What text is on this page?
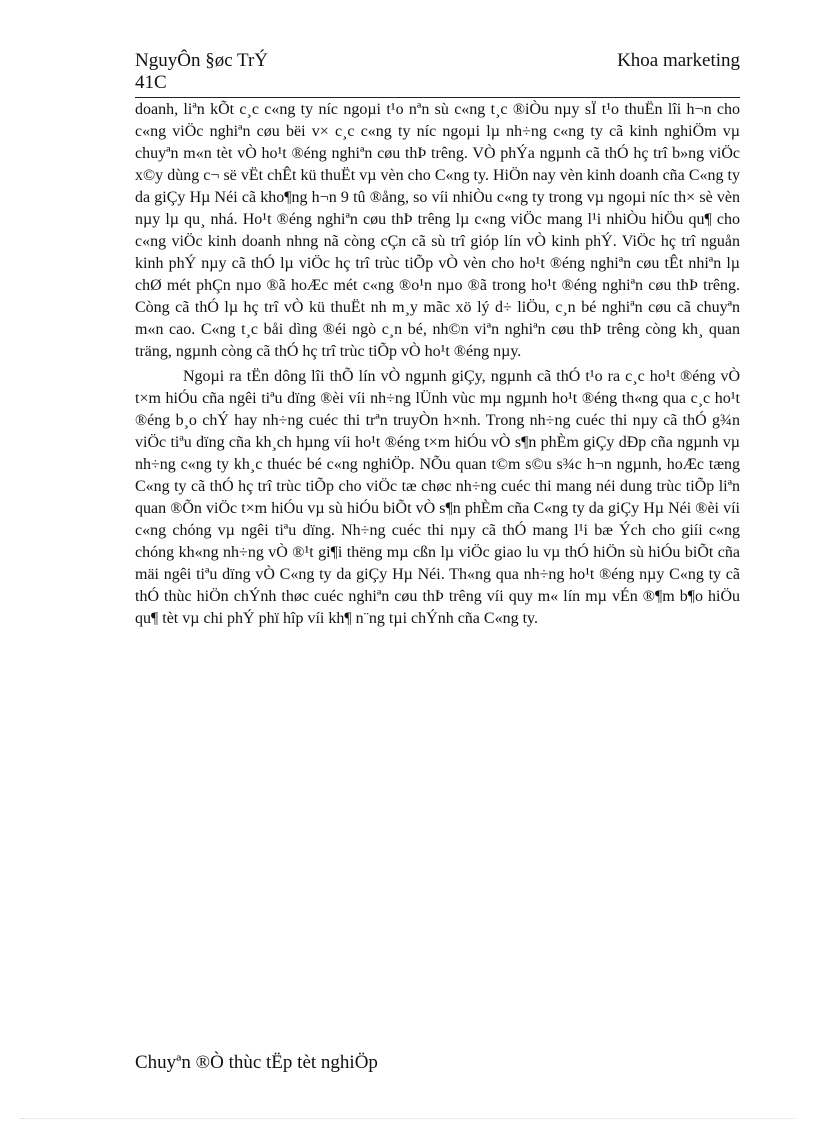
NguyÔn §øc TrÝ	Khoa marketing
41C

doanh, liªn kÕt c¸c c«ng ty níc ngoµi t¹o nªn sù c«ng t¸c ®iÒu nµy sÏ t¹o thuËn lîi h¬n cho c«ng viÖc nghiªn cøu bëi v× c¸c c«ng ty níc ngoµi lµ nh÷ng c«ng ty cã kinh nghiÖm vµ chuyªn m«n tèt vÒ ho¹t ®éng nghiªn cøu thÞ trêng. VÒ phÝa ngµnh cã thÓ hç trî b»ng viÖc x©y dùng c¬ së vËt chÊt kü thuËt vµ vèn cho C«ng ty. HiÖn nay vèn kinh doanh cña C«ng ty da giÇy Hµ Néi cã kho¶ng h¬n 9 tû ®ång, so víi nhiÒu c«ng ty trong vµ ngoµi níc th× sè vèn nµy lµ qu¸ nhá. Ho¹t ®éng nghiªn cøu thÞ trêng lµ c«ng viÖc mang l¹i nhiÒu hiÖu qu¶ cho c«ng viÖc kinh doanh nhng nã còng cÇn cã sù trî gióp lín vÒ kinh phÝ. ViÖc hç trî nguån kinh phÝ nµy cã thÓ lµ viÖc hç trî trùc tiÕp vÒ vèn cho ho¹t ®éng nghiªn cøu tÊt nhiªn lµ chØ mét phÇn nµo ®ã hoÆc mét c«ng ®o¹n nµo ®ã trong ho¹t ®éng nghiªn cøu thÞ trêng. Còng cã thÓ lµ hç trî vÒ kü thuËt nh m¸y mãc xö lý d÷ liÖu, c¸n bé nghiªn cøu cã chuyªn m«n cao. C«ng t¸c båi dìng ®éi ngò c¸n bé, nh©n viªn nghiªn cøu thÞ trêng còng kh¸ quan träng, ngµnh còng cã thÓ hç trî trùc tiÕp vÒ ho¹t ®éng nµy.

Ngoµi ra tËn dông lîi thÕ lín vÒ ngµnh giÇy, ngµnh cã thÓ t¹o ra c¸c ho¹t ®éng vÒ t×m hiÓu cña ngêi tiªu dïng ®èi víi nh÷ng lÜnh vùc mµ ngµnh ho¹t ®éng th«ng qua c¸c ho¹t ®éng b¸o chÝ hay nh÷ng cuéc thi trªn truyÒn h×nh. Trong nh÷ng cuéc thi nµy cã thÓ g¾n viÖc tiªu dïng cña kh¸ch hµng víi ho¹t ®éng t×m hiÓu vÒ s¶n phÈm giÇy dÐp cña ngµnh vµ nh÷ng c«ng ty kh¸c thuéc bé c«ng nghiÖp. NÕu quan t©m s©u s¾c h¬n ngµnh, hoÆc tæng C«ng ty cã thÓ hç trî trùc tiÕp cho viÖc tæ chøc nh÷ng cuéc thi mang néi dung trùc tiÕp liªn quan ®Õn viÖc t×m hiÓu vµ sù hiÓu biÕt vÒ s¶n phÈm cña C«ng ty da giÇy Hµ Néi ®èi víi c«ng chóng vµ ngêi tiªu dïng. Nh÷ng cuéc thi nµy cã thÓ mang l¹i bæ Ých cho giíi c«ng chóng kh«ng nh÷ng vÒ ®¹t gi¶i thëng mµ cßn lµ viÖc giao lu vµ thÓ hiÖn sù hiÓu biÕt cña mäi ngêi tiªu dïng vÒ C«ng ty da giÇy Hµ Néi. Th«ng qua nh÷ng ho¹t ®éng nµy C«ng ty cã thÓ thùc hiÖn chÝnh thøc cuéc nghiªn cøu thÞ trêng víi quy m« lín mµ vÉn ®¶m b¶o hiÖu qu¶ tèt vµ chi phÝ phï hîp víi kh¶ n¨ng tµi chÝnh cña C«ng ty.

Chuyªn ®Ò thùc tËp tèt nghiÖp
